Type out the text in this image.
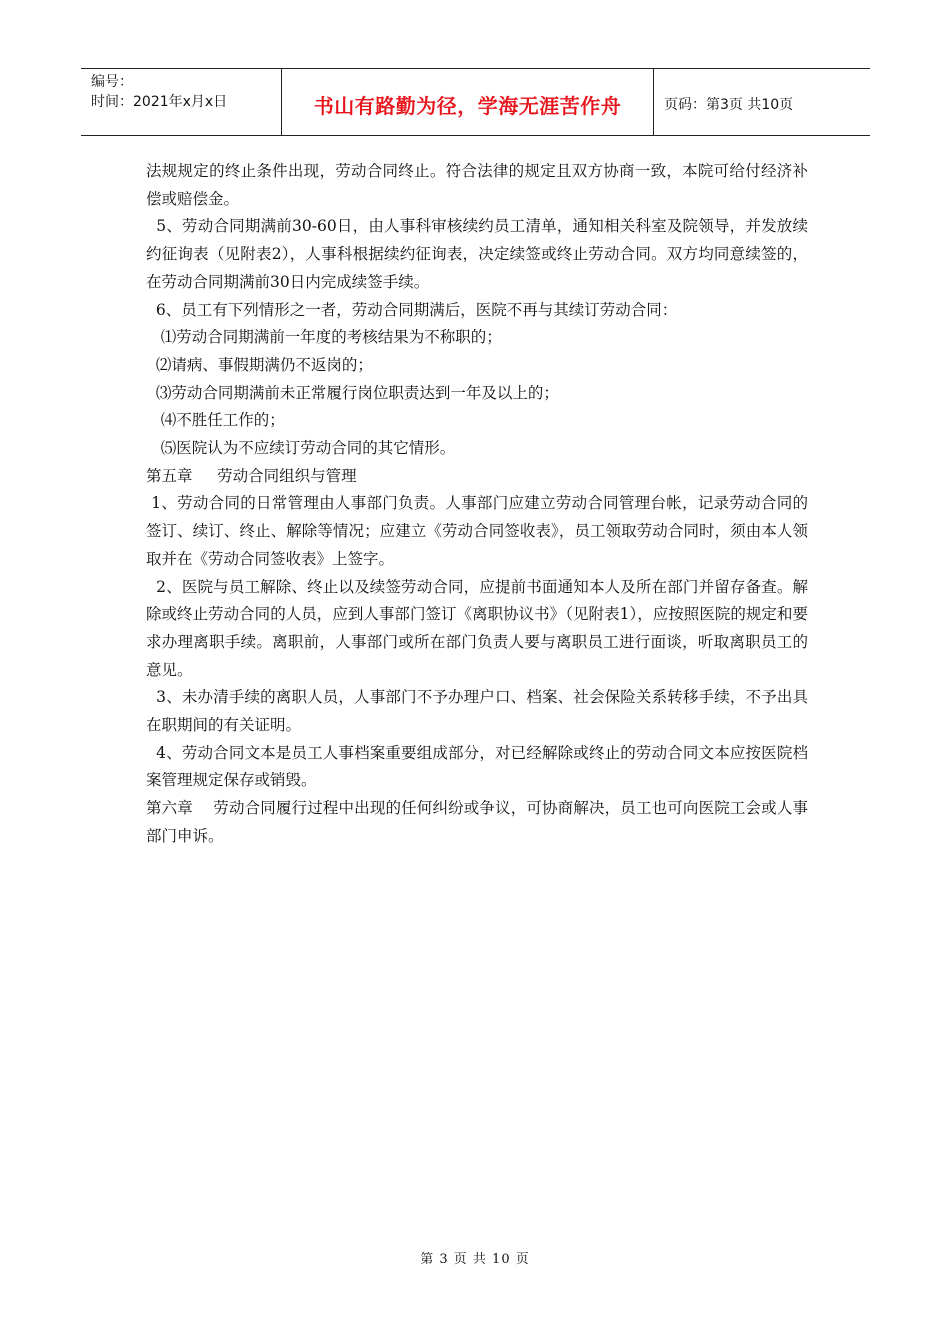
编号：
时间：2021年x月x日	书山有路勤为径，学海无涯苦作舟	页码：第3页 共10页

法规规定的终止条件出现，劳动合同终止。符合法律的规定且双方协商一致，本院可给付经济补偿或赔偿金。

5、劳动合同期满前30-60日，由人事科审核续约员工清单，通知相关科室及院领导，并发放续约征询表（见附表2），人事科根据续约征询表，决定续签或终止劳动合同。双方均同意续签的，在劳动合同期满前30日内完成续签手续。

6、员工有下列情形之一者，劳动合同期满后，医院不再与其续订劳动合同：

⑴劳动合同期满前一年度的考核结果为不称职的；

⑵请病、事假期满仍不返岗的；

⑶劳动合同期满前未正常履行岗位职责达到一年及以上的；

⑷不胜任工作的；

⑸医院认为不应续订劳动合同的其它情形。

第五章     劳动合同组织与管理

1、劳动合同的日常管理由人事部门负责。人事部门应建立劳动合同管理台帐，记录劳动合同的签订、续订、终止、解除等情况；应建立《劳动合同签收表》，员工领取劳动合同时，须由本人领取并在《劳动合同签收表》上签字。

2、医院与员工解除、终止以及续签劳动合同，应提前书面通知本人及所在部门并留存备查。解除或终止劳动合同的人员，应到人事部门签订《离职协议书》（见附表1），应按照医院的规定和要求办理离职手续。离职前，人事部门或所在部门负责人要与离职员工进行面谈，听取离职员工的意见。

3、未办清手续的离职人员，人事部门不予办理户口、档案、社会保险关系转移手续，不予出具在职期间的有关证明。

4、劳动合同文本是员工人事档案重要组成部分，对已经解除或终止的劳动合同文本应按医院档案管理规定保存或销毁。

第六章    劳动合同履行过程中出现的任何纠纷或争议，可协商解决，员工也可向医院工会或人事部门申诉。

第 3 页 共 10 页
